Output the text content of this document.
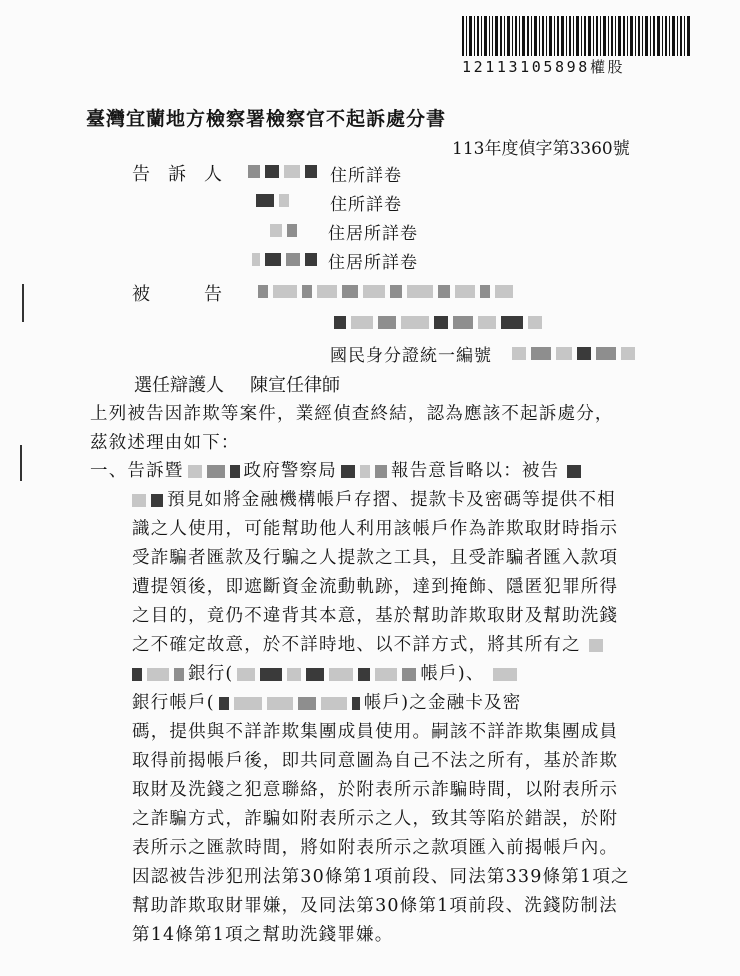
12113105898權股
臺灣宜蘭地方檢察署檢察官不起訴處分書
113年度偵字第3360號
告　訴　人	住所詳卷
住所詳卷
住居所詳卷
住居所詳卷
被　　　告
國民身分證統一編號
選任辯護人 陳宣任律師
上列被告因詐欺等案件，業經偵查終結，認為應該不起訴處分，
茲敘述理由如下：
一、告訴暨	政府警察局	報告意旨略以：被告
預見如將金融機構帳戶存摺、提款卡及密碼等提供不相
識之人使用，可能幫助他人利用該帳戶作為詐欺取財時指示
受詐騙者匯款及行騙之人提款之工具，且受詐騙者匯入款項
遭提領後，即遮斷資金流動軌跡，達到掩飾、隱匿犯罪所得
之目的，竟仍不違背其本意，基於幫助詐欺取財及幫助洗錢
之不確定故意，於不詳時地、以不詳方式，將其所有之
銀行(	帳戶)、
銀行帳戶(	帳戶)之金融卡及密
碼，提供與不詳詐欺集團成員使用。嗣該不詳詐欺集團成員
取得前揭帳戶後，即共同意圖為自己不法之所有，基於詐欺
取財及洗錢之犯意聯絡，於附表所示詐騙時間，以附表所示
之詐騙方式，詐騙如附表所示之人，致其等陷於錯誤，於附
表所示之匯款時間，將如附表所示之款項匯入前揭帳戶內。
因認被告涉犯刑法第30條第1項前段、同法第339條第1項之
幫助詐欺取財罪嫌，及同法第30條第1項前段、洗錢防制法
第14條第1項之幫助洗錢罪嫌。
